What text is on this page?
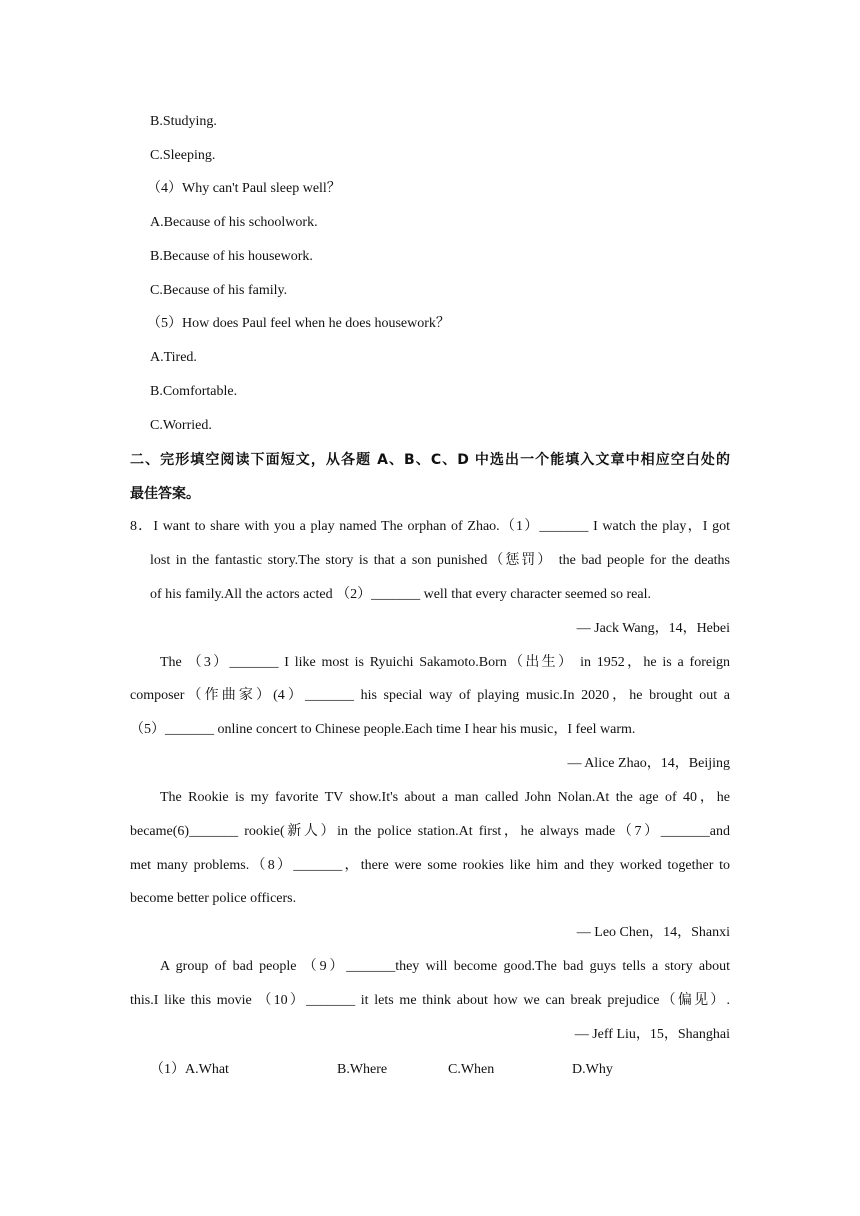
B.Studying.
C.Sleeping.
（4）Why can't Paul sleep well？
A.Because of his schoolwork.
B.Because of his housework.
C.Because of his family.
（5）How does Paul feel when he does housework？
A.Tired.
B.Comfortable.
C.Worried.
二、完形填空阅读下面短文，从各题 A、B、C、D 中选出一个能填入文章中相应空白处的
最佳答案。
8．I want to share with you a play named The orphan of Zhao.（1）_______ I watch the play，I got
lost in the fantastic story.The story is that a son punished（惩罚） the bad people for the deaths
of his family.All the actors acted （2）_______ well that every character seemed so real.
— Jack Wang，14，Hebei
The （3）_______ I like most is Ryuichi Sakamoto.Born（出生） in 1952，he is a foreign
composer（作曲家）(4）_______ his special way of playing music.In 2020，he brought out a
（5）_______ online concert to Chinese people.Each time I hear his music，I feel warm.
— Alice Zhao，14，Beijing
The Rookie is my favorite TV show.It's about a man called John Nolan.At the age of 40，he
became(6)_______ rookie(新人）in the police station.At first，he always made（7）_______and
met many problems.（8）_______，there were some rookies like him and they worked together to
become better police officers.
— Leo Chen，14，Shanxi
A group of bad people （9）_______they will become good.The bad guys tells a story about
this.I like this movie （10）_______ it lets me think about how we can break prejudice（偏见）.
— Jeff Liu，15，Shanghai
（1）A.What	B.Where	C.When	D.Why
